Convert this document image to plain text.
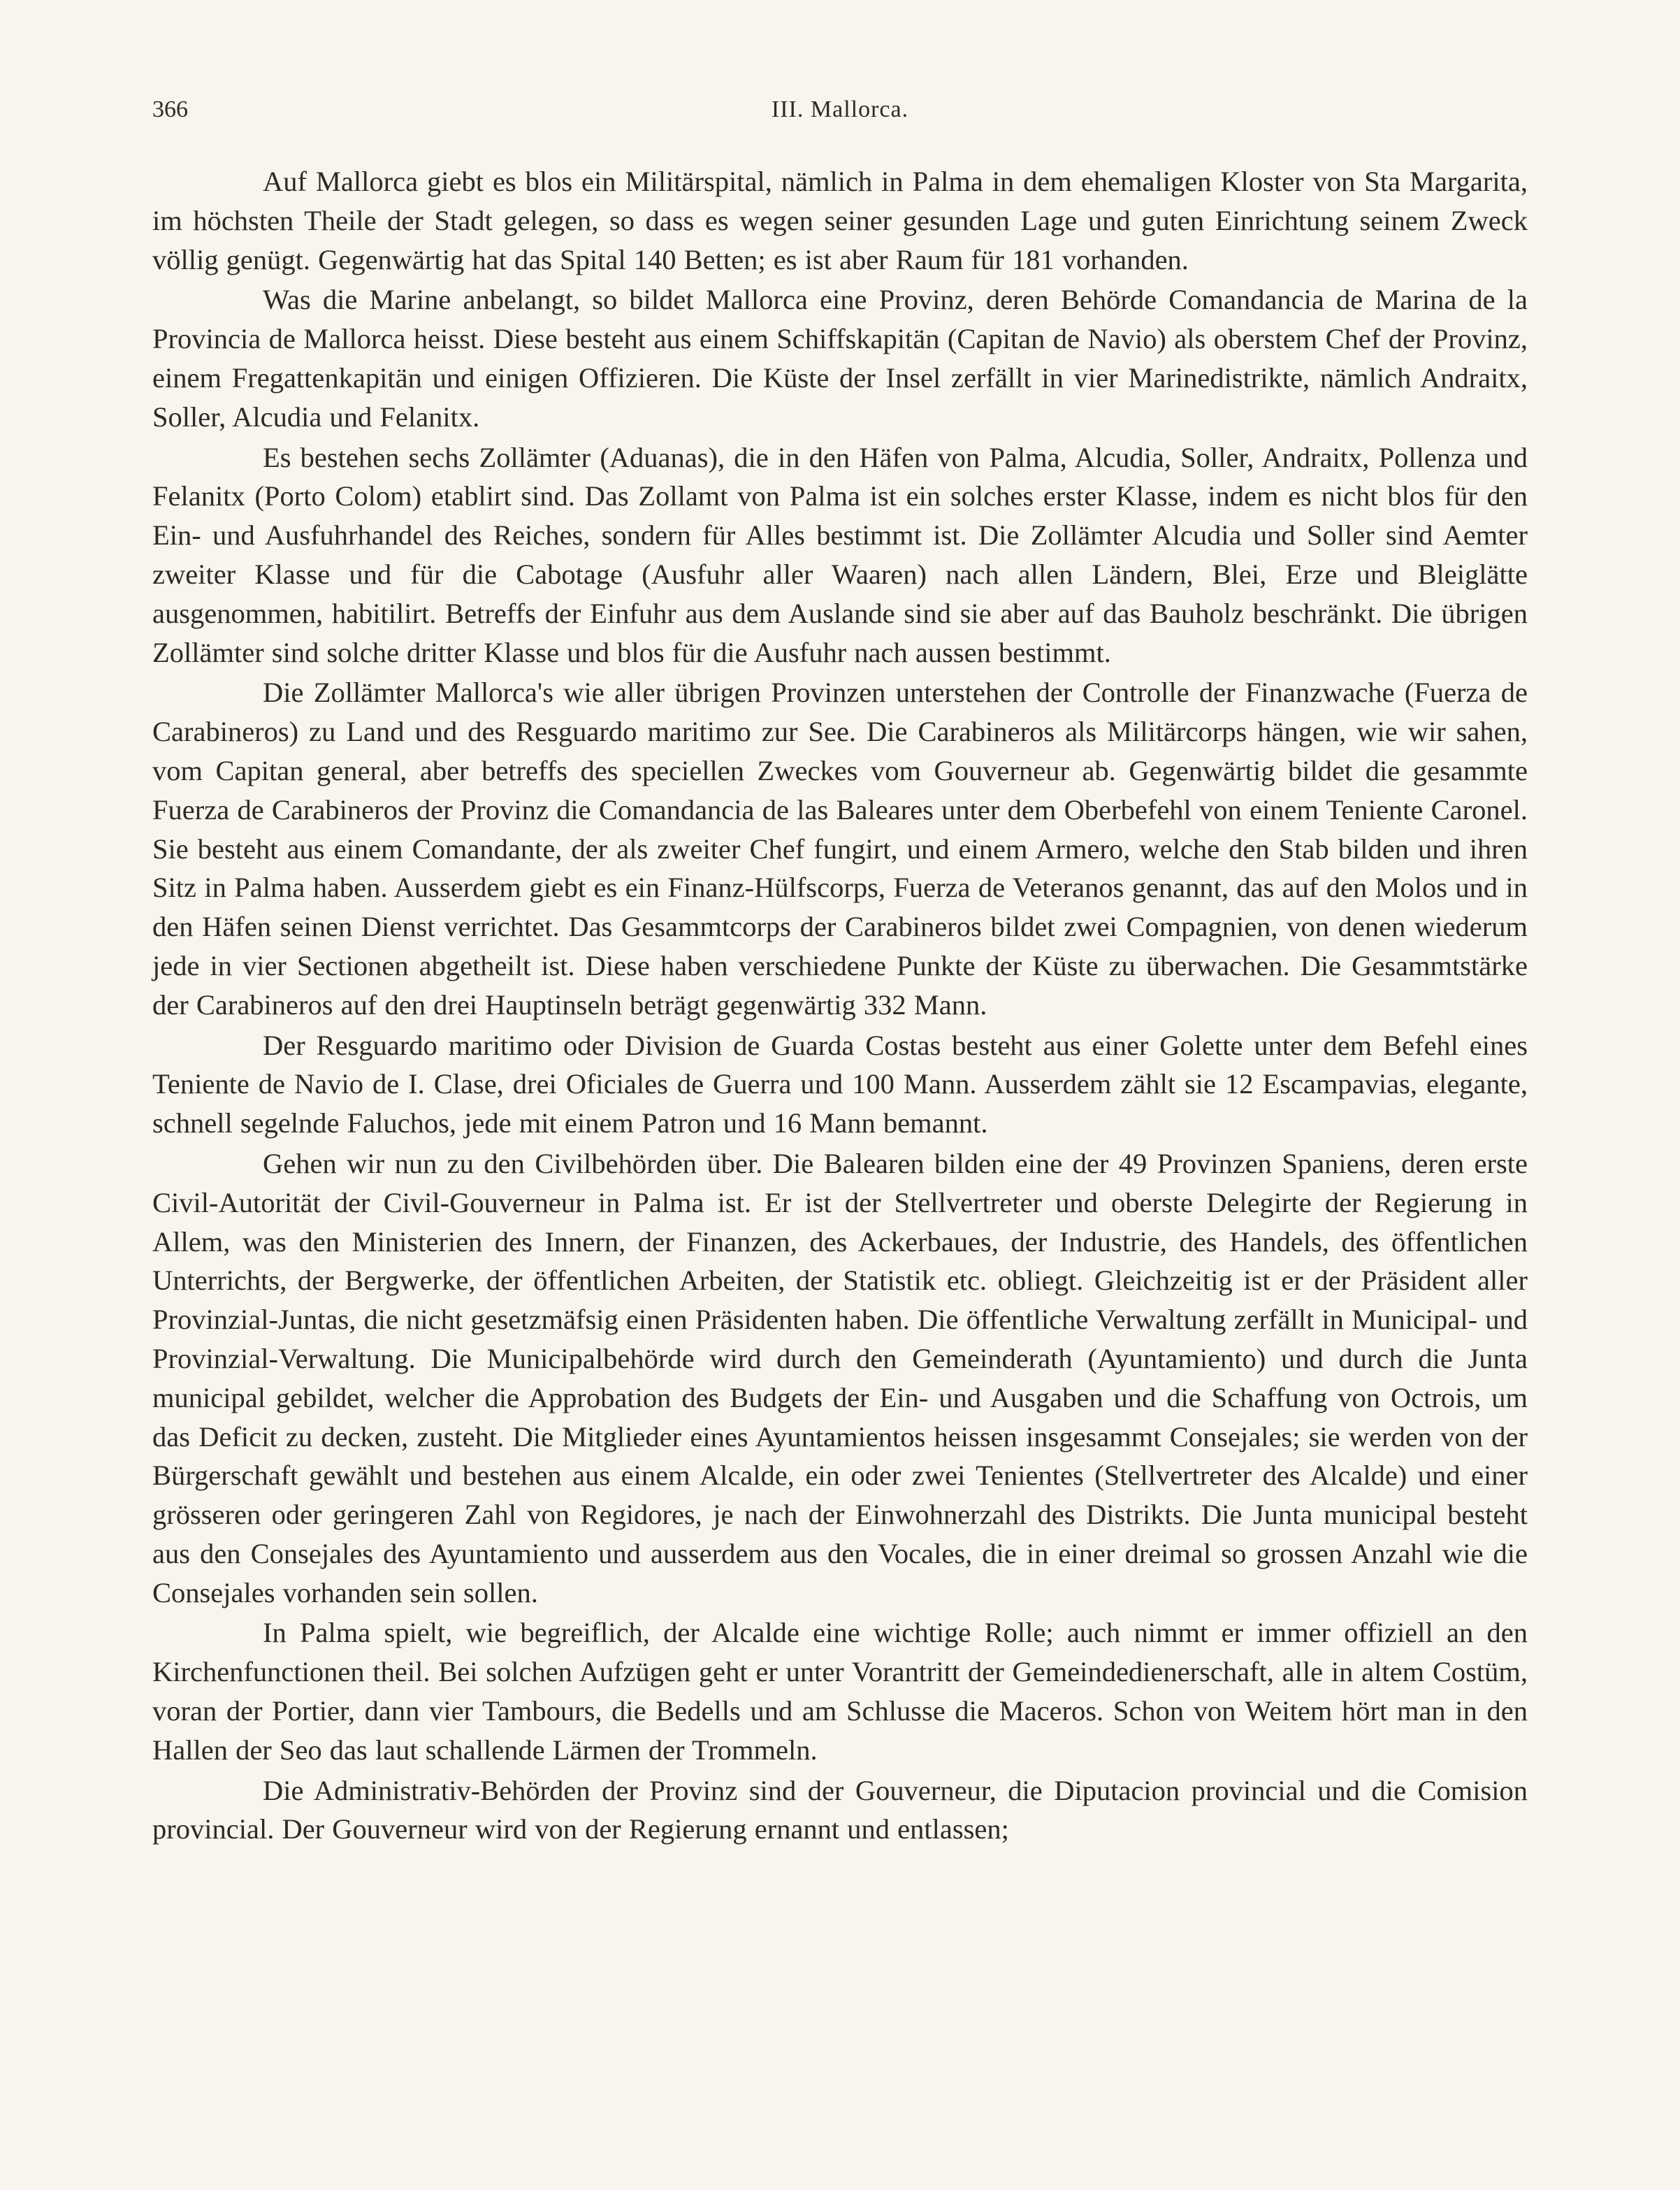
366	III. Mallorca.

Auf Mallorca giebt es blos ein Militärspital, nämlich in Palma in dem ehemaligen Kloster von Sta Margarita, im höchsten Theile der Stadt gelegen, so dass es wegen seiner gesunden Lage und guten Einrichtung seinem Zweck völlig genügt. Gegenwärtig hat das Spital 140 Betten; es ist aber Raum für 181 vorhanden.

Was die Marine anbelangt, so bildet Mallorca eine Provinz, deren Behörde Comandancia de Marina de la Provincia de Mallorca heisst. Diese besteht aus einem Schiffskapitän (Capitan de Navio) als oberstem Chef der Provinz, einem Fregattenkapitän und einigen Offizieren. Die Küste der Insel zerfällt in vier Marinedistrikte, nämlich Andraitx, Soller, Alcudia und Felanitx.

Es bestehen sechs Zollämter (Aduanas), die in den Häfen von Palma, Alcudia, Soller, Andraitx, Pollenza und Felanitx (Porto Colom) etablirt sind. Das Zollamt von Palma ist ein solches erster Klasse, indem es nicht blos für den Ein- und Ausfuhrhandel des Reiches, sondern für Alles bestimmt ist. Die Zollämter Alcudia und Soller sind Aemter zweiter Klasse und für die Cabotage (Ausfuhr aller Waaren) nach allen Ländern, Blei, Erze und Bleiglätte ausgenommen, habitilirt. Betreffs der Einfuhr aus dem Auslande sind sie aber auf das Bauholz beschränkt. Die übrigen Zollämter sind solche dritter Klasse und blos für die Ausfuhr nach aussen bestimmt.

Die Zollämter Mallorca's wie aller übrigen Provinzen unterstehen der Controlle der Finanzwache (Fuerza de Carabineros) zu Land und des Resguardo maritimo zur See. Die Carabineros als Militärcorps hängen, wie wir sahen, vom Capitan general, aber betreffs des speciellen Zweckes vom Gouverneur ab. Gegenwärtig bildet die gesammte Fuerza de Carabineros der Provinz die Comandancia de las Baleares unter dem Oberbefehl von einem Teniente Caronel. Sie besteht aus einem Comandante, der als zweiter Chef fungirt, und einem Armero, welche den Stab bilden und ihren Sitz in Palma haben. Ausserdem giebt es ein Finanz-Hülfscorps, Fuerza de Veteranos genannt, das auf den Molos und in den Häfen seinen Dienst verrichtet. Das Gesammtcorps der Carabineros bildet zwei Compagnien, von denen wiederum jede in vier Sectionen abgetheilt ist. Diese haben verschiedene Punkte der Küste zu überwachen. Die Gesammtstärke der Carabineros auf den drei Hauptinseln beträgt gegenwärtig 332 Mann.

Der Resguardo maritimo oder Division de Guarda Costas besteht aus einer Golette unter dem Befehl eines Teniente de Navio de I. Clase, drei Oficiales de Guerra und 100 Mann. Ausserdem zählt sie 12 Escampavias, elegante, schnell segelnde Faluchos, jede mit einem Patron und 16 Mann bemannt.

Gehen wir nun zu den Civilbehörden über. Die Balearen bilden eine der 49 Provinzen Spaniens, deren erste Civil-Autorität der Civil-Gouverneur in Palma ist. Er ist der Stellvertreter und oberste Delegirte der Regierung in Allem, was den Ministerien des Innern, der Finanzen, des Ackerbaues, der Industrie, des Handels, des öffentlichen Unterrichts, der Bergwerke, der öffentlichen Arbeiten, der Statistik etc. obliegt. Gleichzeitig ist er der Präsident aller Provinzial-Juntas, die nicht gesetzmäfsig einen Präsidenten haben. Die öffentliche Verwaltung zerfällt in Municipal- und Provinzial-Verwaltung. Die Municipalbehörde wird durch den Gemeinderath (Ayuntamiento) und durch die Junta municipal gebildet, welcher die Approbation des Budgets der Ein- und Ausgaben und die Schaffung von Octrois, um das Deficit zu decken, zusteht. Die Mitglieder eines Ayuntamientos heissen insgesammt Consejales; sie werden von der Bürgerschaft gewählt und bestehen aus einem Alcalde, ein oder zwei Tenientes (Stellvertreter des Alcalde) und einer grösseren oder geringeren Zahl von Regidores, je nach der Einwohnerzahl des Distrikts. Die Junta municipal besteht aus den Consejales des Ayuntamiento und ausserdem aus den Vocales, die in einer dreimal so grossen Anzahl wie die Consejales vorhanden sein sollen.

In Palma spielt, wie begreiflich, der Alcalde eine wichtige Rolle; auch nimmt er immer offiziell an den Kirchenfunctionen theil. Bei solchen Aufzügen geht er unter Vorantritt der Gemeindedienerschaft, alle in altem Costüm, voran der Portier, dann vier Tambours, die Bedells und am Schlusse die Maceros. Schon von Weitem hört man in den Hallen der Seo das laut schallende Lärmen der Trommeln.

Die Administrativ-Behörden der Provinz sind der Gouverneur, die Diputacion provincial und die Comision provincial. Der Gouverneur wird von der Regierung ernannt und entlassen;
